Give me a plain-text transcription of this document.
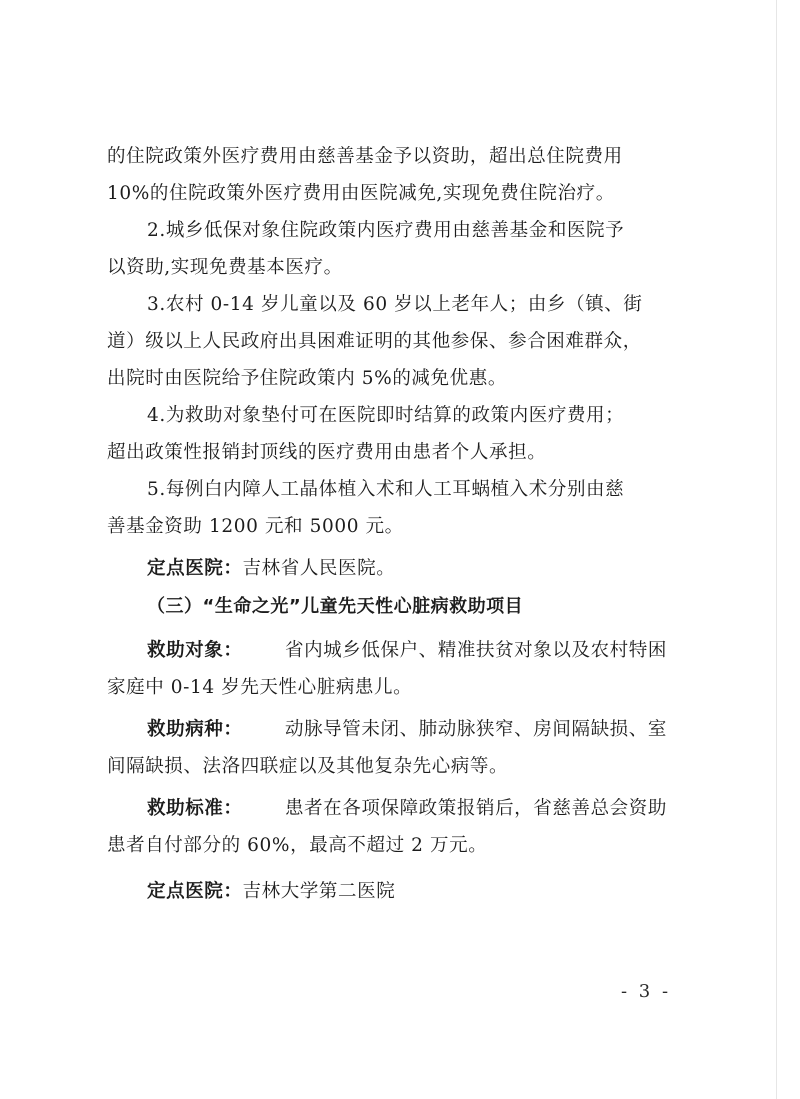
的住院政策外医疗费用由慈善基金予以资助，超出总住院费用

10%的住院政策外医疗费用由医院减免,实现免费住院治疗。

2.城乡低保对象住院政策内医疗费用由慈善基金和医院予

以资助,实现免费基本医疗。

3.农村 0-14 岁儿童以及 60 岁以上老年人；由乡（镇、街

道）级以上人民政府出具困难证明的其他参保、参合困难群众，

出院时由医院给予住院政策内 5%的减免优惠。

4.为救助对象垫付可在医院即时结算的政策内医疗费用；

超出政策性报销封顶线的医疗费用由患者个人承担。

5.每例白内障人工晶体植入术和人工耳蜗植入术分别由慈

善基金资助 1200 元和 5000 元。

定点医院： 吉林省人民医院。

（三）“生命之光”儿童先天性心脏病救助项目

救助对象： 省内城乡低保户、精准扶贫对象以及农村特困

家庭中 0-14 岁先天性心脏病患儿。

救助病种： 动脉导管未闭、肺动脉狭窄、房间隔缺损、室

间隔缺损、法洛四联症以及其他复杂先心病等。

救助标准： 患者在各项保障政策报销后，省慈善总会资助

患者自付部分的 60%，最高不超过 2 万元。

定点医院： 吉林大学第二医院

- 3 -
